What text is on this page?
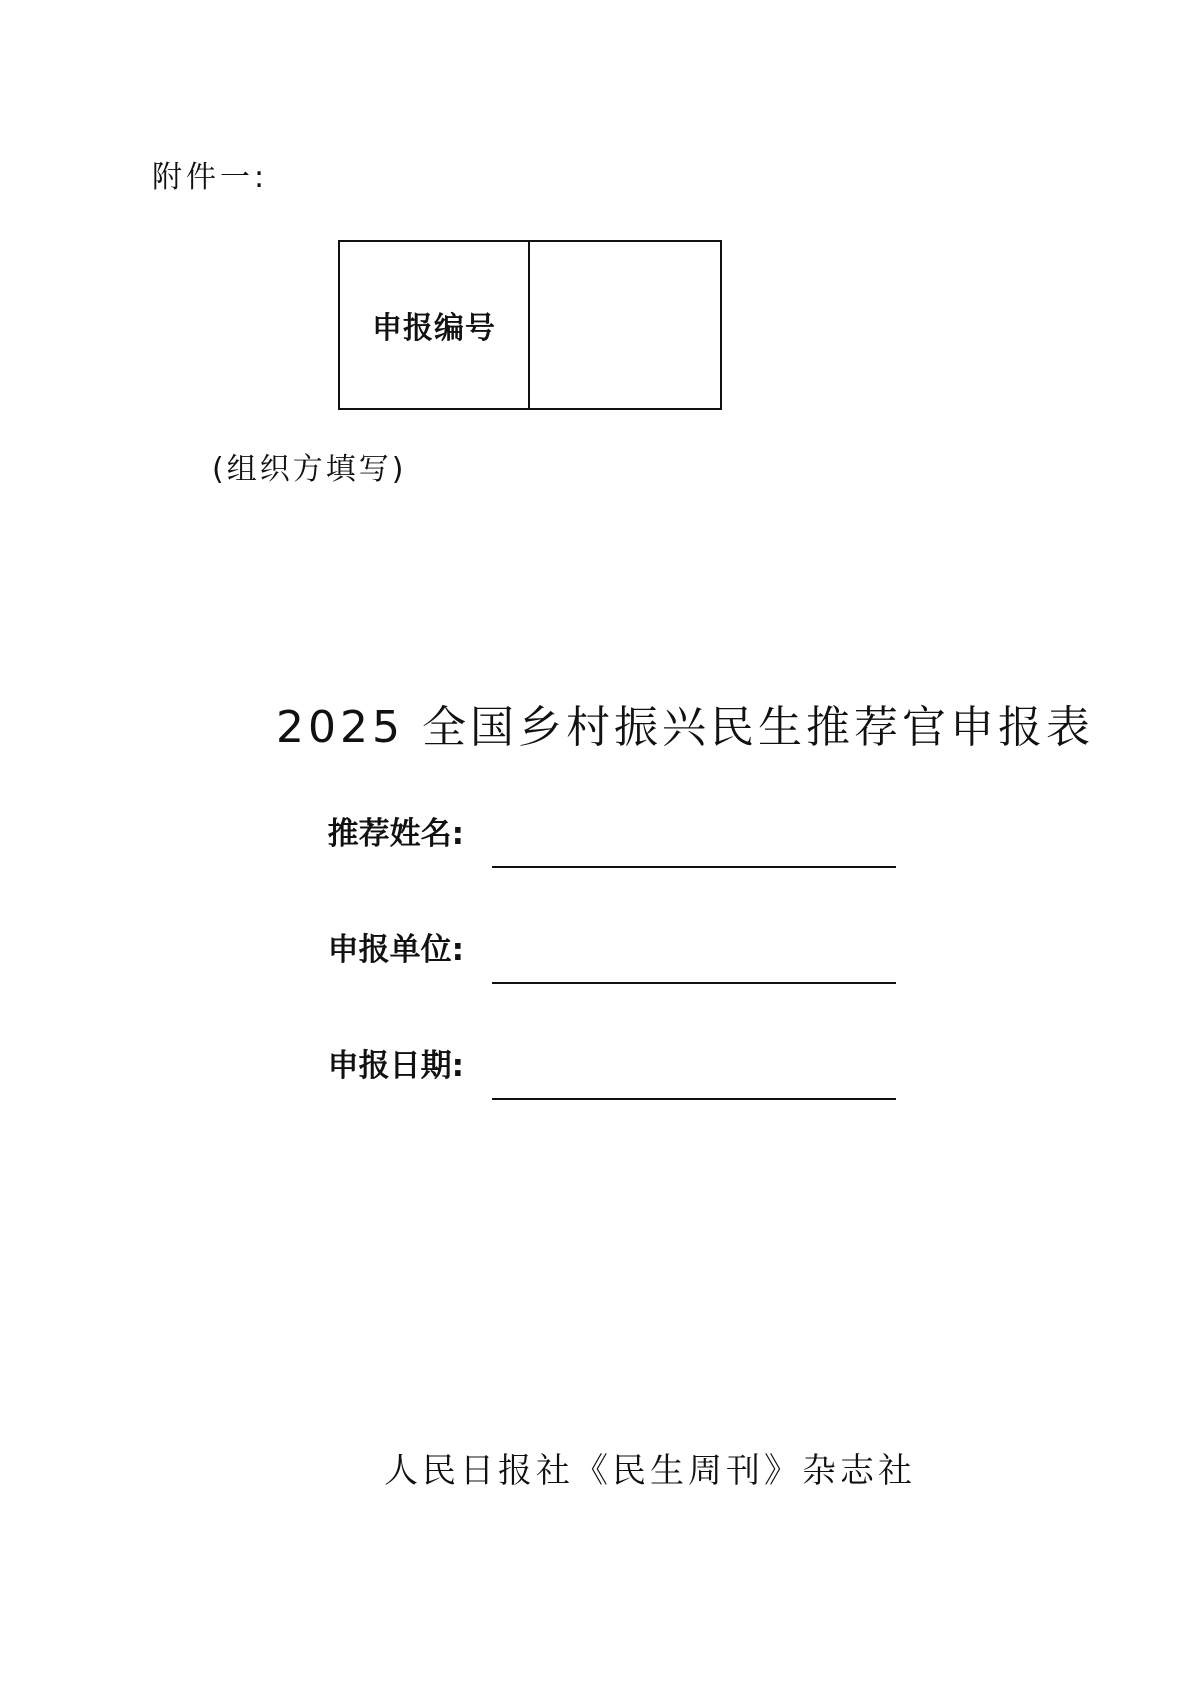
附件一:
申报编号
(组织方填写)
2025 全国乡村振兴民生推荐官申报表
推荐姓名:
申报单位:
申报日期:
人民日报社《民生周刊》杂志社
